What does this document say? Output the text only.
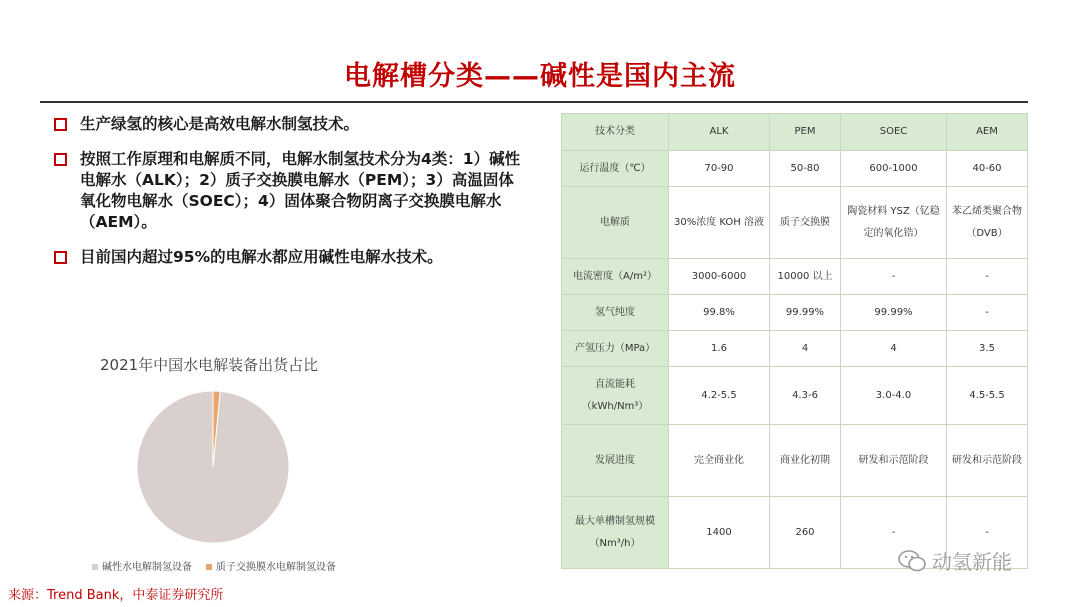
电解槽分类——碱性是国内主流
生产绿氢的核心是高效电解水制氢技术。
按照工作原理和电解质不同，电解水制氢技术分为4类：1）碱性电解水（ALK）；2）质子交换膜电解水（PEM）；3）高温固体氧化物电解水（SOEC）；4）固体聚合物阴离子交换膜电解水（AEM）。
目前国内超过95%的电解水都应用碱性电解水技术。
2021年中国水电解装备出货占比
碱性水电解制氢设备	质子交换膜水电解制氢设备
技术分类	ALK	PEM	SOEC	AEM
运行温度（℃）	70-90	50-80	600-1000	40-60
电解质	30%浓度 KOH 溶液	质子交换膜	陶瓷材料 YSZ（钇稳定的氧化锆）	苯乙烯类聚合物（DVB）
电流密度（A/m²）	3000-6000	10000 以上	-	-
氢气纯度	99.8%	99.99%	99.99%	-
产氢压力（MPa）	1.6	4	4	3.5
直流能耗（kWh/Nm³）	4.2-5.5	4.3-6	3.0-4.0	4.5-5.5
发展进度	完全商业化	商业化初期	研发和示范阶段	研发和示范阶段
最大单槽制氢规模（Nm³/h）	1400	260	-	-
来源：Trend Bank，中泰证券研究所
动氢新能
